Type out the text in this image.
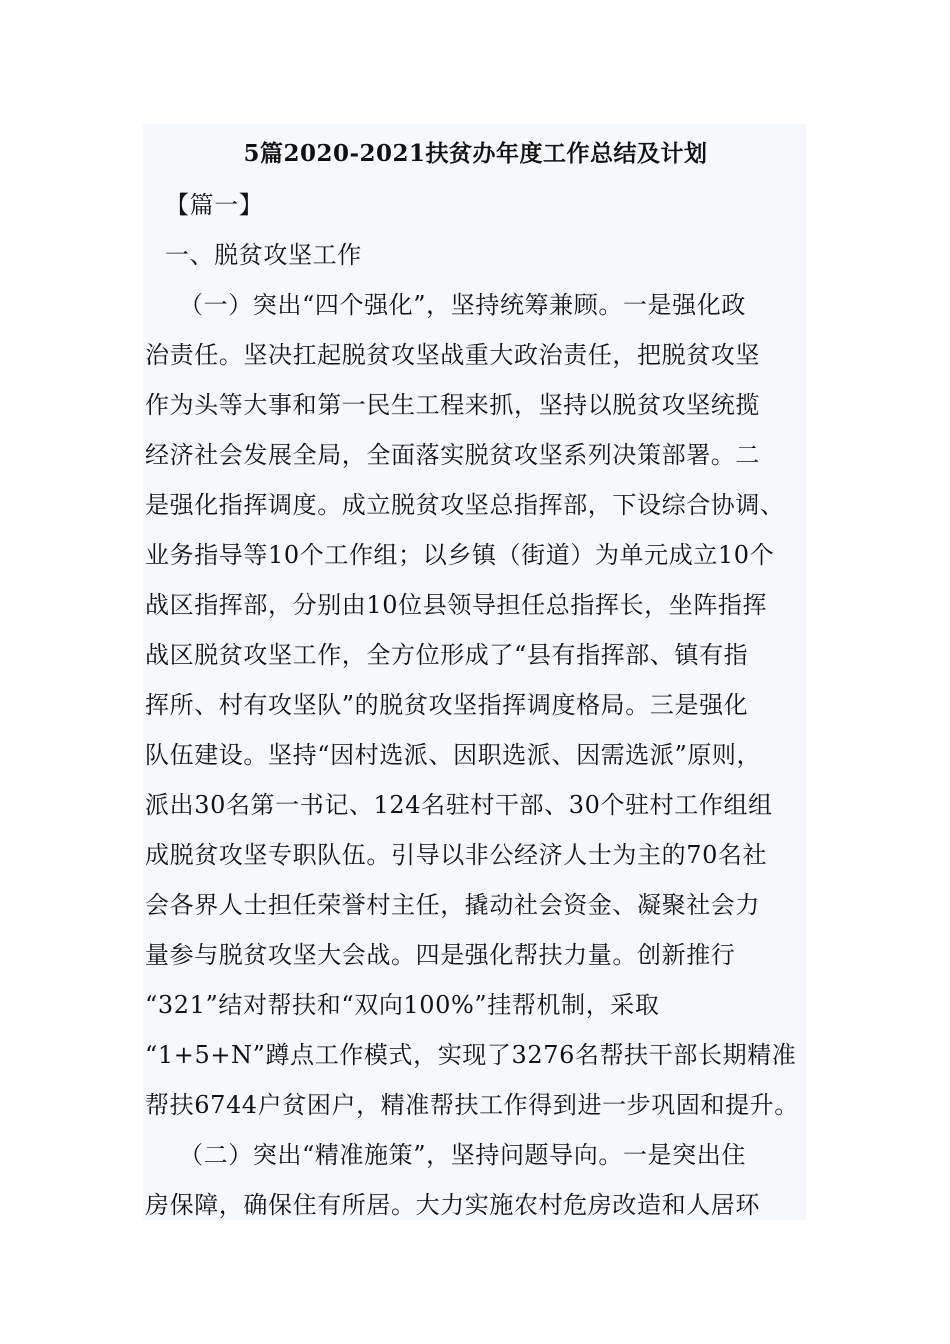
5篇2020-2021扶贫办年度工作总结及计划
【篇一】
一、脱贫攻坚工作
（一）突出“四个强化”，坚持统筹兼顾。一是强化政
治责任。坚决扛起脱贫攻坚战重大政治责任，把脱贫攻坚
作为头等大事和第一民生工程来抓，坚持以脱贫攻坚统揽
经济社会发展全局，全面落实脱贫攻坚系列决策部署。二
是强化指挥调度。成立脱贫攻坚总指挥部，下设综合协调、
业务指导等10个工作组；以乡镇（街道）为单元成立10个
战区指挥部，分别由10位县领导担任总指挥长，坐阵指挥
战区脱贫攻坚工作，全方位形成了“县有指挥部、镇有指
挥所、村有攻坚队”的脱贫攻坚指挥调度格局。三是强化
队伍建设。坚持“因村选派、因职选派、因需选派”原则，
派出30名第一书记、124名驻村干部、30个驻村工作组组
成脱贫攻坚专职队伍。引导以非公经济人士为主的70名社
会各界人士担任荣誉村主任，撬动社会资金、凝聚社会力
量参与脱贫攻坚大会战。四是强化帮扶力量。创新推行
“321”结对帮扶和“双向100%”挂帮机制，采取
“1+5+N”蹲点工作模式，实现了3276名帮扶干部长期精准
帮扶6744户贫困户，精准帮扶工作得到进一步巩固和提升。
（二）突出“精准施策”，坚持问题导向。一是突出住
房保障，确保住有所居。大力实施农村危房改造和人居环
